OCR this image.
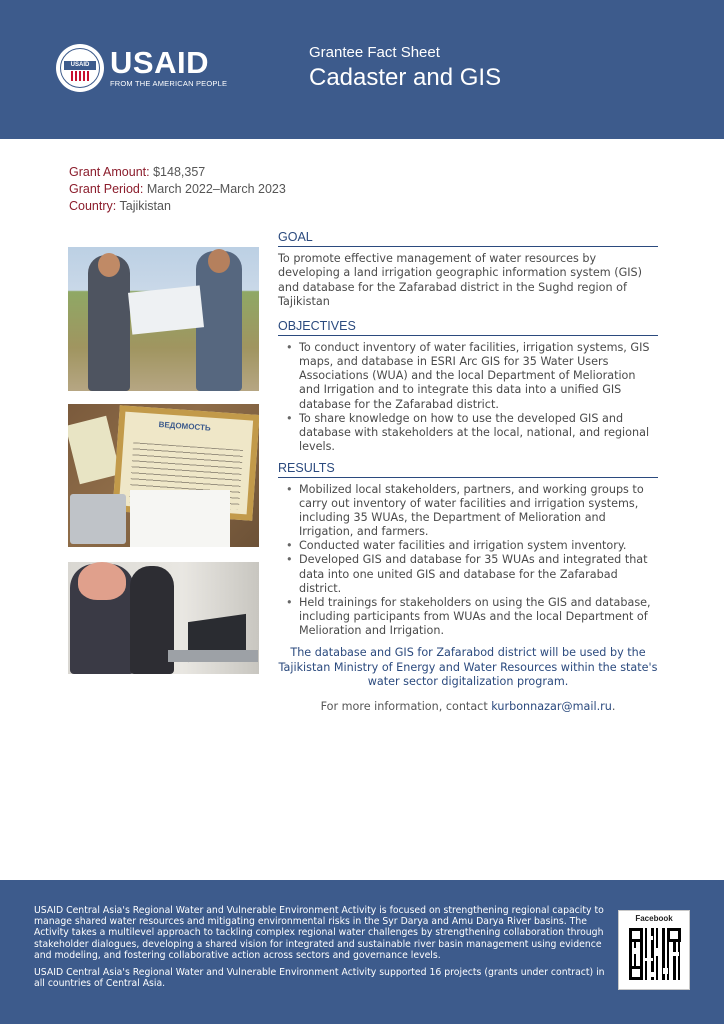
USAID USAID
FROM THE AMERICAN PEOPLE
Grantee Fact Sheet
Cadaster and GIS
Grant Amount: $148,357
Grant Period: March 2022–March 2023
Country: Tajikistan
ВЕДОМОСТЬ
GOAL

To promote effective management of water resources by developing a land irrigation geographic information system (GIS) and database for the Zafarabad district in the Sughd region of Tajikistan

OBJECTIVES
• To conduct inventory of water facilities, irrigation systems, GIS maps, and database in ESRI Arc GIS for 35 Water Users Associations (WUA) and the local Department of Melioration and Irrigation and to integrate this data into a unified GIS database for the Zafarabad district.
• To share knowledge on how to use the developed GIS and database with stakeholders at the local, national, and regional levels.
RESULTS
• Mobilized local stakeholders, partners, and working groups to carry out inventory of water facilities and irrigation systems, including 35 WUAs, the Department of Melioration and Irrigation, and farmers.
• Conducted water facilities and irrigation system inventory.
• Developed GIS and database for 35 WUAs and integrated that data into one united GIS and database for the Zafarabad district.
• Held trainings for stakeholders on using the GIS and database, including participants from WUAs and the local Department of Melioration and Irrigation.

The database and GIS for Zafarabod district will be used by the Tajikistan Ministry of Energy and Water Resources within the state's water sector digitalization program.

For more information, contact kurbonnazar@mail.ru.

USAID Central Asia's Regional Water and Vulnerable Environment Activity is focused on strengthening regional capacity to manage shared water resources and mitigating environmental risks in the Syr Darya and Amu Darya River basins. The Activity takes a multilevel approach to tackling complex regional water challenges by strengthening collaboration through stakeholder dialogues, developing a shared vision for integrated and sustainable river basin management using evidence and modeling, and fostering collaborative action across sectors and governance levels.

USAID Central Asia's Regional Water and Vulnerable Environment Activity supported 16 projects (grants under contract) in all countries of Central Asia.

Facebook
